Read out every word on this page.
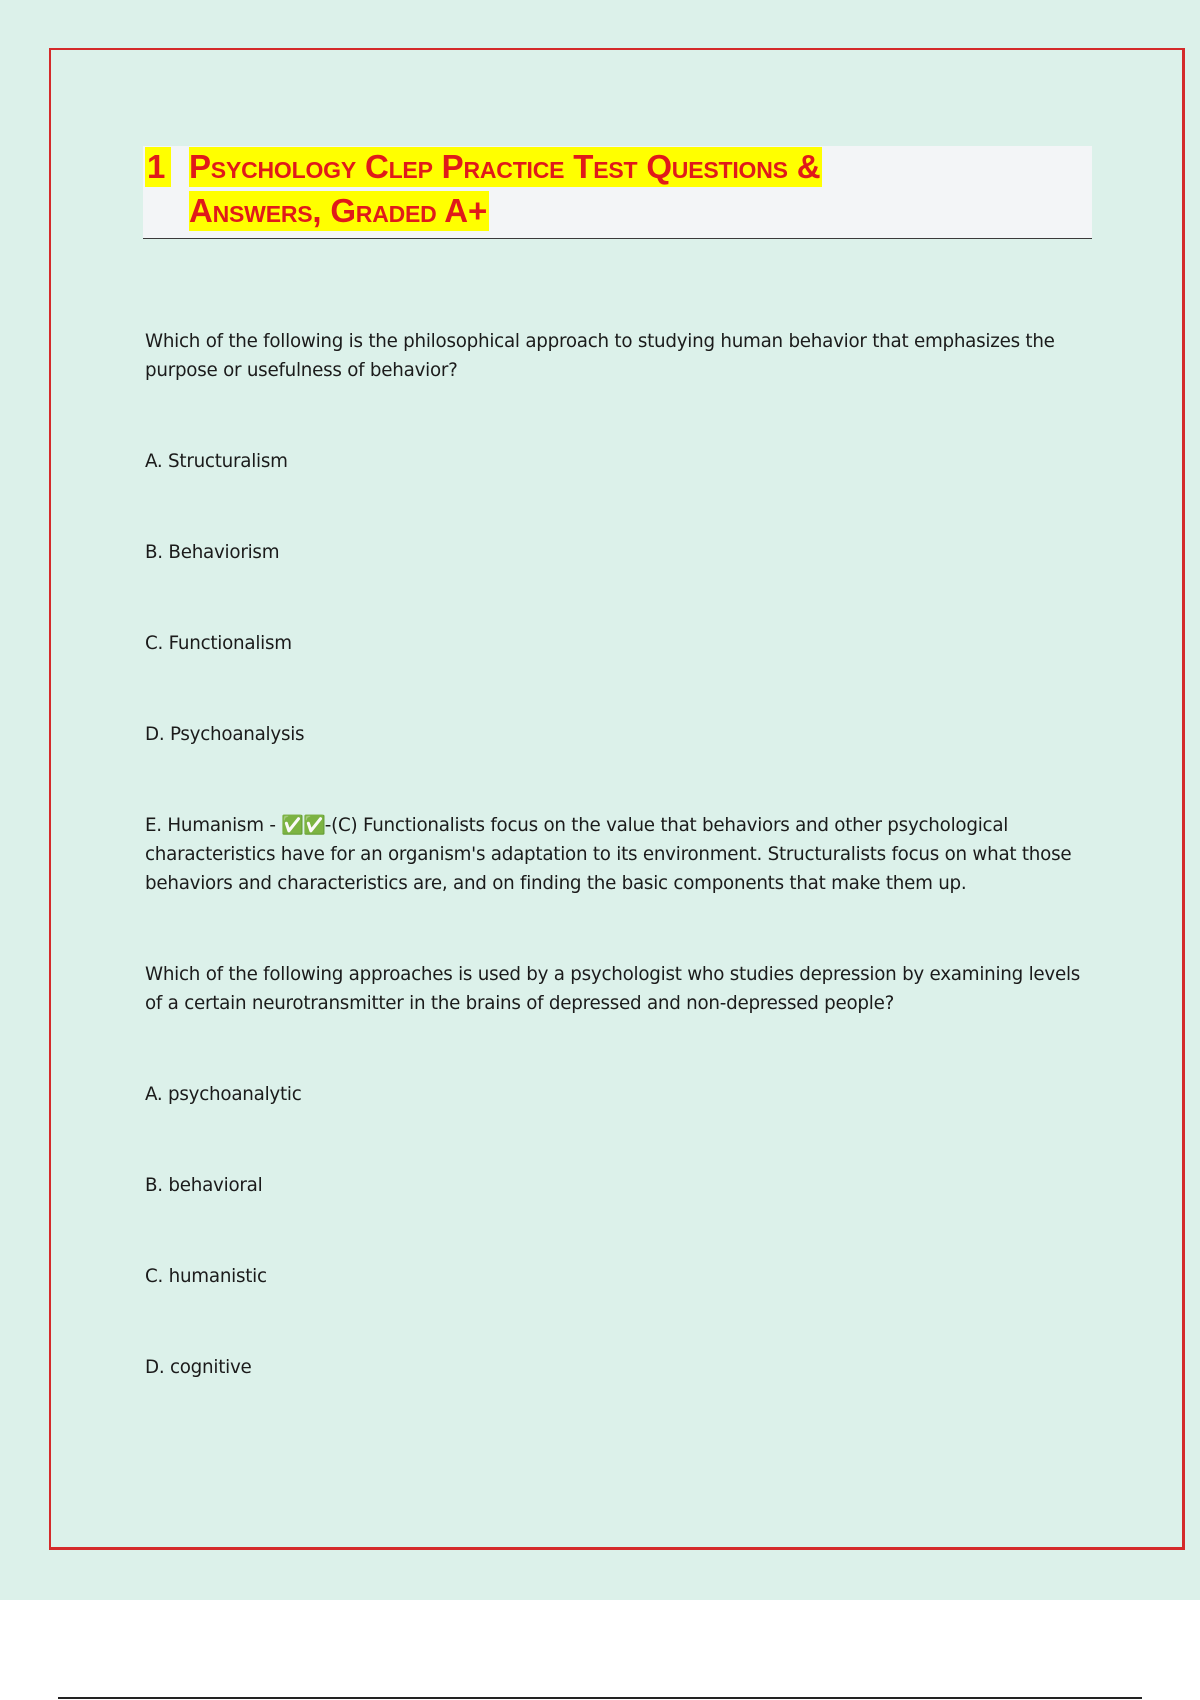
1 Psychology Clep Practice Test Questions &
Answers, Graded A+

Which of the following is the philosophical approach to studying human behavior that emphasizes the purpose or usefulness of behavior?

A. Structuralism

B. Behaviorism

C. Functionalism

D. Psychoanalysis

E. Humanism - ✅✅-(C) Functionalists focus on the value that behaviors and other psychological characteristics have for an organism's adaptation to its environment. Structuralists focus on what those behaviors and characteristics are, and on finding the basic components that make them up.

Which of the following approaches is used by a psychologist who studies depression by examining levels of a certain neurotransmitter in the brains of depressed and non-depressed people?

A. psychoanalytic

B. behavioral

C. humanistic

D. cognitive
